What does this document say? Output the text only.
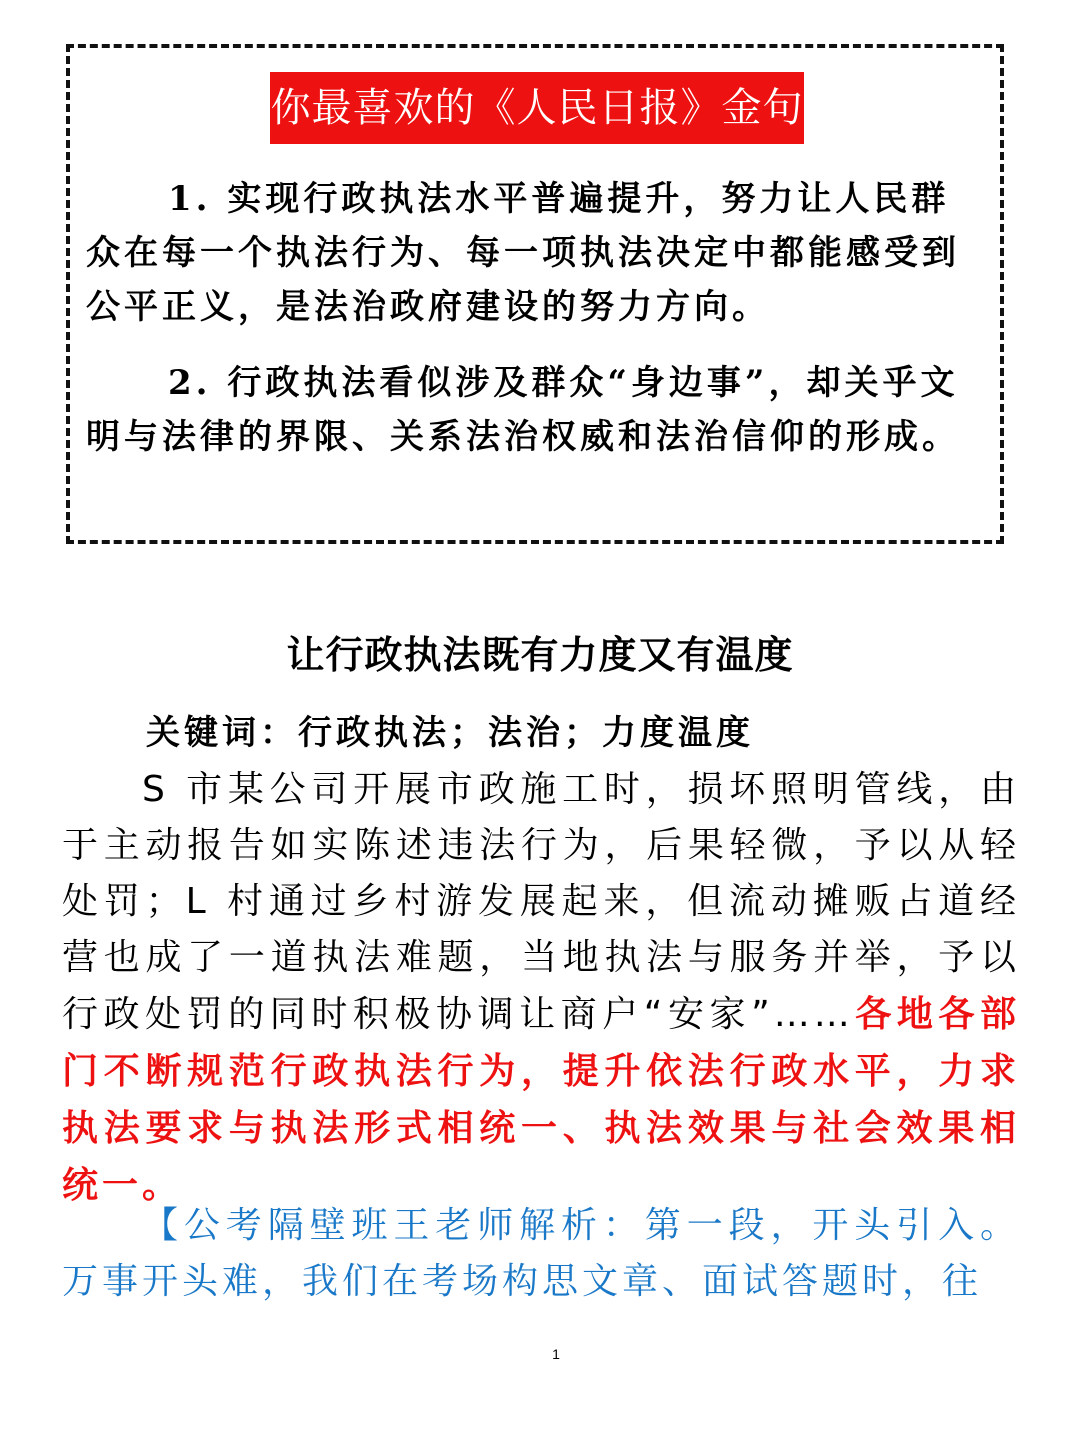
你最喜欢的《人民日报》金句
1. 实现行政执法水平普遍提升，努力让人民群众在每一个执法行为、每一项执法决定中都能感受到公平正义，是法治政府建设的努力方向。
2. 行政执法看似涉及群众“身边事”，却关乎文明与法律的界限、关系法治权威和法治信仰的形成。
让行政执法既有力度又有温度
关键词：行政执法；法治；力度温度
S 市某公司开展市政施工时，损坏照明管线，由于主动报告如实陈述违法行为，后果轻微，予以从轻处罚；L 村通过乡村游发展起来，但流动摊贩占道经营也成了一道执法难题，当地执法与服务并举，予以行政处罚的同时积极协调让商户“安家”……各地各部门不断规范行政执法行为，提升依法行政水平，力求执法要求与执法形式相统一、执法效果与社会效果相统一。
【公考隔壁班王老师解析：第一段，开头引入。万事开头难，我们在考场构思文章、面试答题时，往
1
